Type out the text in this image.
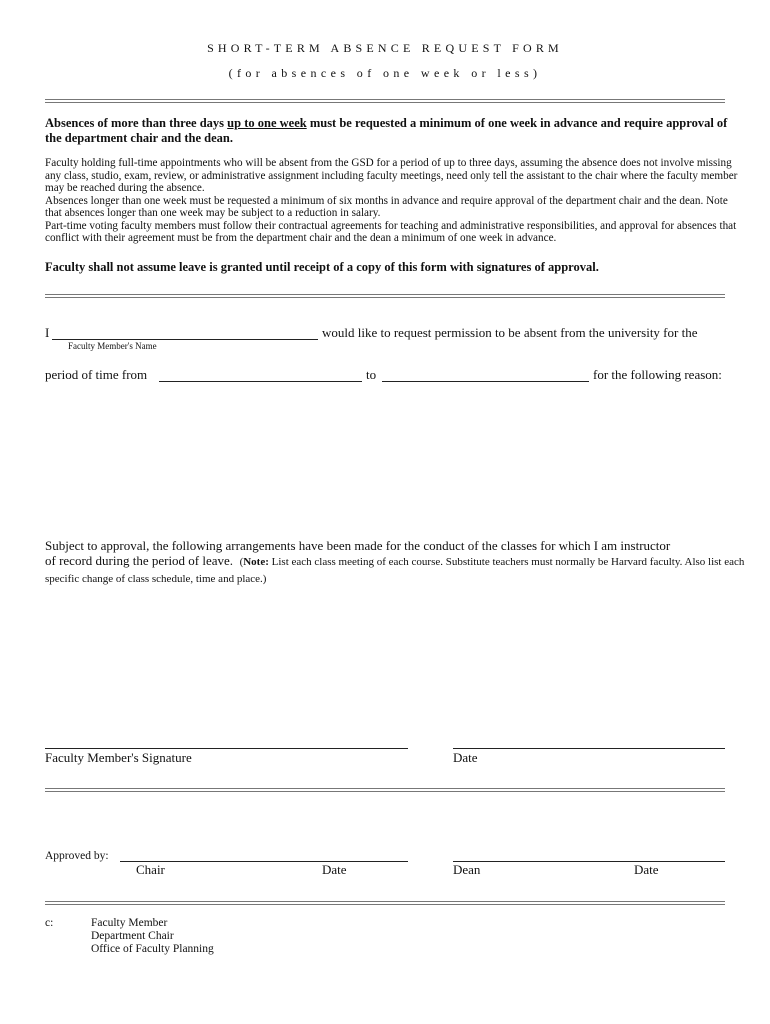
SHORT-TERM ABSENCE REQUEST FORM
(for absences of one week or less)
Absences of more than three days up to one week must be requested a minimum of one week in advance and require approval of the department chair and the dean.

Faculty holding full-time appointments who will be absent from the GSD for a period of up to three days, assuming the absence does not involve missing any class, studio, exam, review, or administrative assignment including faculty meetings, need only tell the assistant to the chair where the faculty member may be reached during the absence.

Absences longer than one week must be requested a minimum of six months in advance and require approval of the department chair and the dean. Note that absences longer than one week may be subject to a reduction in salary.

Part-time voting faculty members must follow their contractual agreements for teaching and administrative responsibilities, and approval for absences that conflict with their agreement must be from the department chair and the dean a minimum of one week in advance.

Faculty shall not assume leave is granted until receipt of a copy of this form with signatures of approval.
I	would like to request permission to be absent from the university for the
Faculty Member's Name
period of time from	to	for the following reason:
Subject to approval, the following arrangements have been made for the conduct of the classes for which I am instructor
of record during the period of leave. (Note: List each class meeting of each course. Substitute teachers must normally be Harvard faculty. Also list each specific change of class schedule, time and place.)
Faculty Member's Signature	Date
Approved by:
Chair	Date	Dean	Date
c:	Faculty Member
Department Chair
Office of Faculty Planning
